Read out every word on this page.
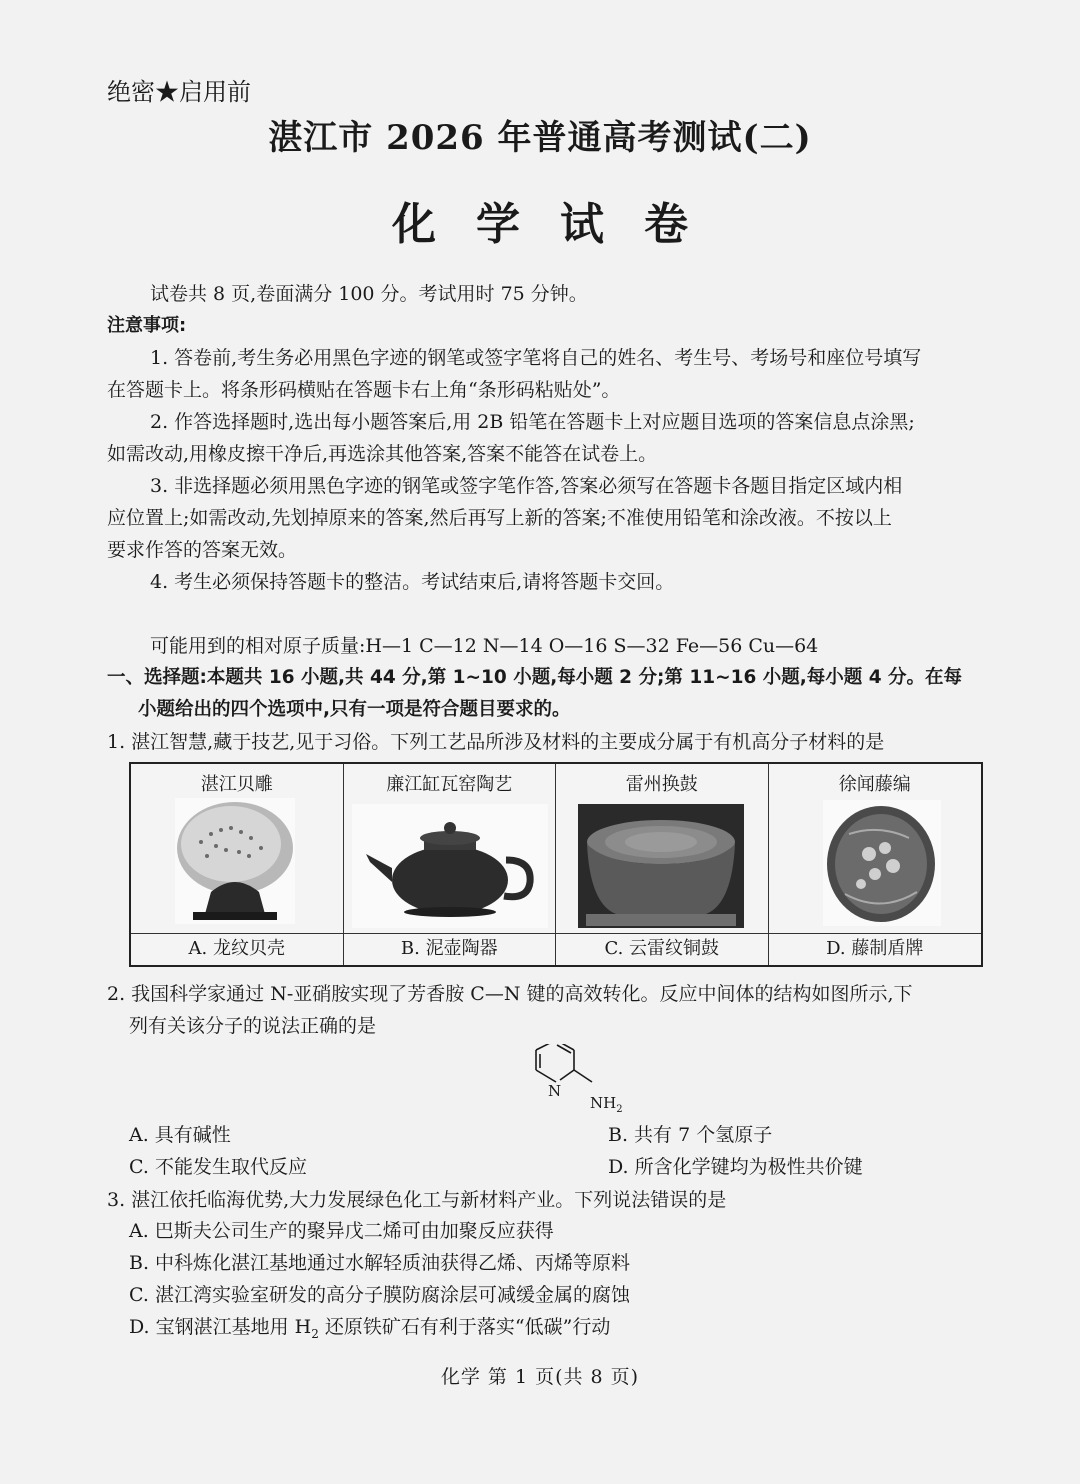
绝密★启用前
湛江市 2026 年普通高考测试(二)
化学试卷
试卷共 8 页,卷面满分 100 分。考试用时 75 分钟。
注意事项:
1. 答卷前,考生务必用黑色字迹的钢笔或签字笔将自己的姓名、考生号、考场号和座位号填写
在答题卡上。将条形码横贴在答题卡右上角“条形码粘贴处”。
2. 作答选择题时,选出每小题答案后,用 2B 铅笔在答题卡上对应题目选项的答案信息点涂黑;
如需改动,用橡皮擦干净后,再选涂其他答案,答案不能答在试卷上。
3. 非选择题必须用黑色字迹的钢笔或签字笔作答,答案必须写在答题卡各题目指定区域内相
应位置上;如需改动,先划掉原来的答案,然后再写上新的答案;不准使用铅笔和涂改液。不按以上
要求作答的答案无效。
4. 考生必须保持答题卡的整洁。考试结束后,请将答题卡交回。
可能用到的相对原子质量:H—1 C—12 N—14 O—16 S—32 Fe—56 Cu—64
一、选择题:本题共 16 小题,共 44 分,第 1~10 小题,每小题 2 分;第 11~16 小题,每小题 4 分。在每
小题给出的四个选项中,只有一项是符合题目要求的。
1. 湛江智慧,藏于技艺,见于习俗。下列工艺品所涉及材料的主要成分属于有机高分子材料的是
湛江贝雕	廉江缸瓦窑陶艺	雷州换鼓	徐闻藤编
A. 龙纹贝壳	B. 泥壶陶器	C. 云雷纹铜鼓	D. 藤制盾牌
2. 我国科学家通过 N-亚硝胺实现了芳香胺 C—N 键的高效转化。反应中间体的结构如图所示,下
列有关该分子的说法正确的是
N
$NH_2$
A. 具有碱性	B. 共有 7 个氢原子
C. 不能发生取代反应	D. 所含化学键均为极性共价键
3. 湛江依托临海优势,大力发展绿色化工与新材料产业。下列说法错误的是
A. 巴斯夫公司生产的聚异戊二烯可由加聚反应获得
B. 中科炼化湛江基地通过水解轻质油获得乙烯、丙烯等原料
C. 湛江湾实验室研发的高分子膜防腐涂层可减缓金属的腐蚀
D. 宝钢湛江基地用 $H_2$ 还原铁矿石有利于落实“低碳”行动
化学 第 1 页(共 8 页)
